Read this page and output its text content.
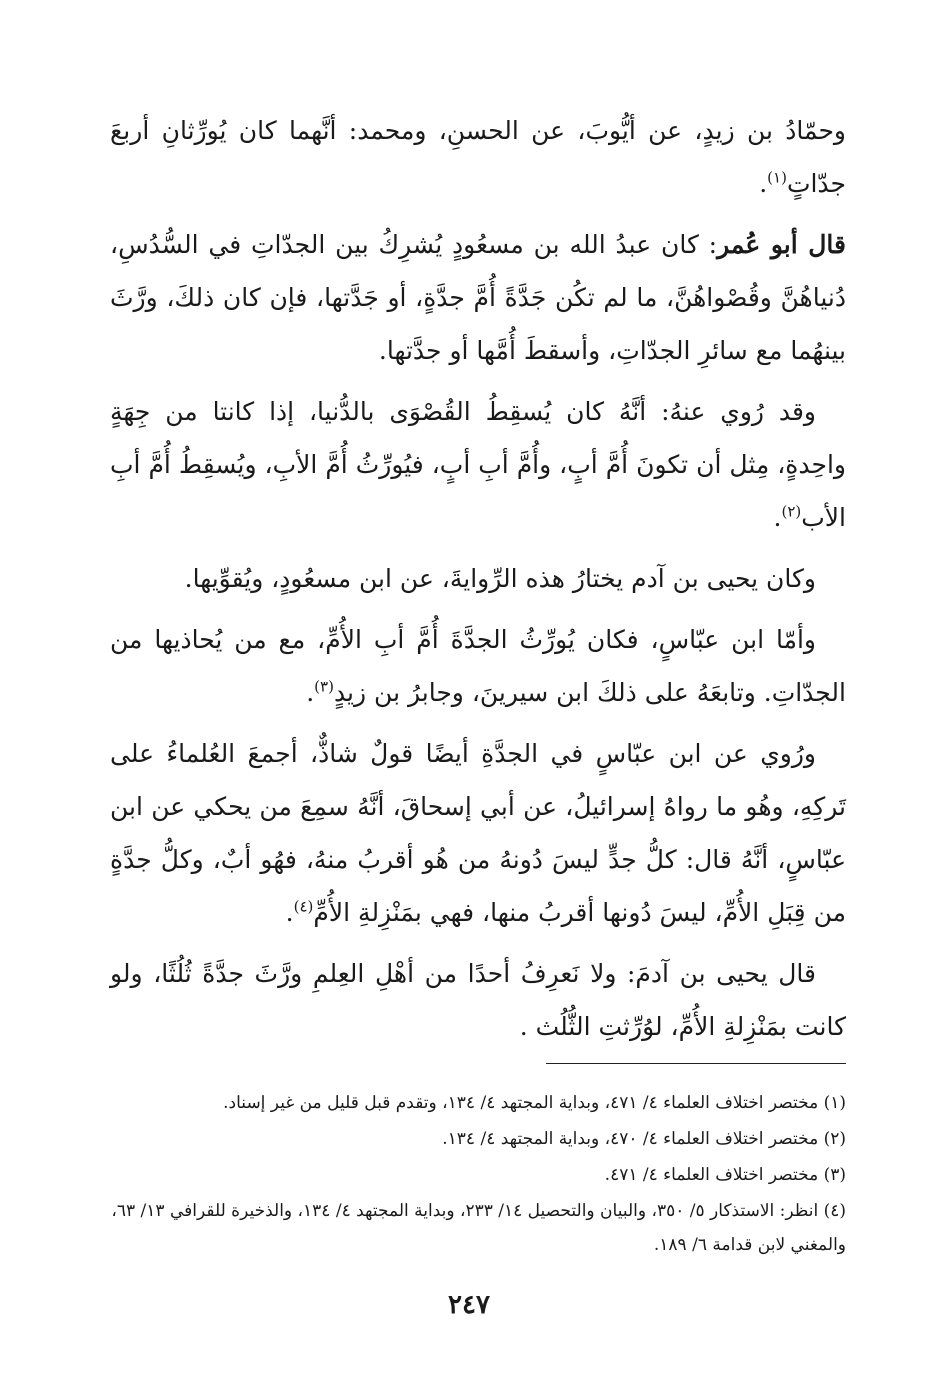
وحمّادُ بن زيدٍ، عن أيُّوبَ، عن الحسنِ، ومحمد: أنَّهما كان يُورِّثانِ أربعَ جدّاتٍ$^{(١)}$.

قال أبو عُمر: كان عبدُ الله بن مسعُودٍ يُشرِكُ بين الجدّاتِ في السُّدُسِ، دُنياهُنَّ وقُصْواهُنَّ، ما لم تكُن جَدَّةً أُمَّ جدَّةٍ، أو جَدَّتها، فإن كان ذلكَ، ورَّثَ بينهُما مع سائرِ الجدّاتِ، وأسقطَ أُمَّها أو جدَّتها.

وقد رُوي عنهُ: أنَّهُ كان يُسقِطُ القُصْوَى بالدُّنيا، إذا كانتا من جِهَةٍ واحِدةٍ، مِثل أن تكونَ أُمَّ أبٍ، وأُمَّ أبِ أبٍ، فيُورِّثُ أُمَّ الأبِ، ويُسقِطُ أُمَّ أبِ الأب$^{(٢)}$.

وكان يحيى بن آدم يختارُ هذه الرِّوايةَ، عن ابن مسعُودٍ، ويُقوِّيها.

وأمّا ابن عبّاسٍ، فكان يُورِّثُ الجدَّةَ أُمَّ أبِ الأُمِّ، مع من يُحاذيها من الجدّاتِ. وتابعَهُ على ذلكَ ابن سيرينَ، وجابرُ بن زيدٍ$^{(٣)}$.

ورُوي عن ابن عبّاسٍ في الجدَّةِ أيضًا قولٌ شاذٌّ، أجمعَ العُلماءُ على تَركِهِ، وهُو ما رواهُ إسرائيلُ، عن أبي إسحاقَ، أنَّهُ سمِعَ من يحكي عن ابن عبّاسٍ، أنَّهُ قال: كلُّ جدٍّ ليسَ دُونهُ من هُو أقربُ منهُ، فهُو أبٌ، وكلُّ جدَّةٍ من قِبَلِ الأُمِّ، ليسَ دُونها أقربُ منها، فهي بمَنْزِلةِ الأُمِّ$^{(٤)}$.

قال يحيى بن آدمَ: ولا نَعرِفُ أحدًا من أهْلِ العِلمِ ورَّثَ جدَّةً ثُلُثًا، ولو كانت بمَنْزِلةِ الأُمِّ، لوُرِّثتِ الثُّلُث .

(١) مختصر اختلاف العلماء ٤/ ٤٧١، وبداية المجتهد ٤/ ١٣٤، وتقدم قبل قليل من غير إسناد.
(٢) مختصر اختلاف العلماء ٤/ ٤٧٠، وبداية المجتهد ٤/ ١٣٤.
(٣) مختصر اختلاف العلماء ٤/ ٤٧١.
(٤) انظر: الاستذكار ٥/ ٣٥٠، والبيان والتحصيل ١٤/ ٢٣٣، وبداية المجتهد ٤/ ١٣٤، والذخيرة للقرافي ١٣/ ٦٣، والمغني لابن قدامة ٦/ ١٨٩.
٢٤٧
